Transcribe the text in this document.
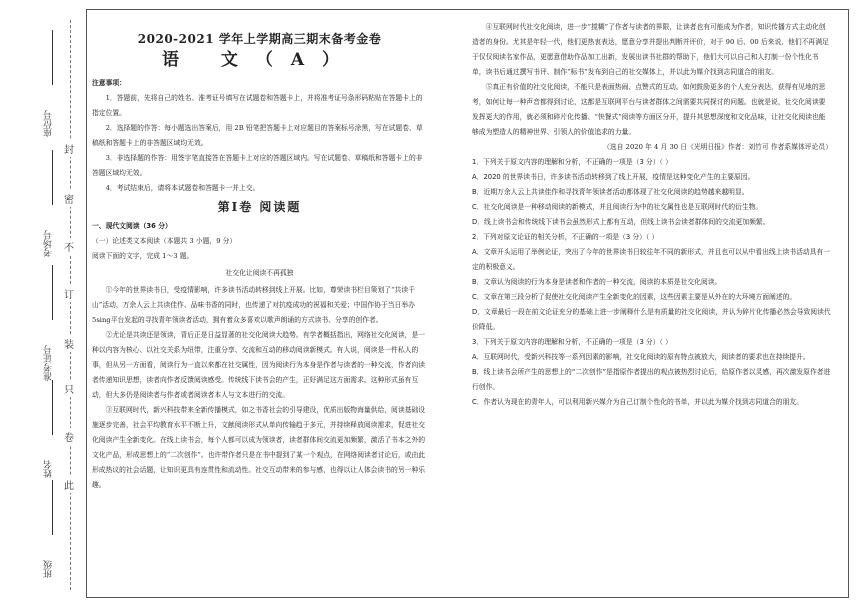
座位号
考场号
准考证号
姓名
班级
封
密
不
订
装
只
卷
此
2020-2021 学年上学期高三期末备考金卷
语 文（A）
注意事项：

1．答题前，先将自己的姓名、准考证号填写在试题卷和答题卡上，并将准考证号条形码粘贴在答题卡上的指定位置。

2．选择题的作答：每小题选出答案后，用 2B 铅笔把答题卡上对应题目的答案标号涂黑，写在试题卷、草稿纸和答题卡上的非答题区域均无效。

3．非选择题的作答：用签字笔直接答在答题卡上对应的答题区域内。写在试题卷、草稿纸和答题卡上的非答题区域均无效。

4．考试结束后，请将本试题卷和答题卡一并上交。

第Ⅰ卷 阅读题

一、现代文阅读（36 分）

（一）论述类文本阅读（本题共 3 小题，9 分）

阅读下面的文字，完成 1～3 题。

社交化让阅读不再孤独

①今年的世界读书日，受疫情影响，许多读书活动转移到线上开展。比如，尊荣读书栏目策划了“共读千山”活动，万余人云上共读佳作、品味书香的同时，也传递了对抗疫成功的祝福和关爱；中国作协于当日举办5sing平台发起的寻找青年领读者活动，拥有着众多喜欢以歌声朗诵的方式读书、分享的创作者。

②尤论是共读还是领读，背后正是日益显著的社交化阅读大趋势。有学者概括指出，网络社交化阅读，是一种以内容为核心、以社交关系为纽带，注重分享、交流和互动的移动阅读新模式。有人说，阅读是一件私人的事，但从另一方面看，阅读行为一直以来都在社交属性，因为阅读行为本身是作者与读者的一种交流，作者向读者传递知识思想，读者向作者反馈阅读感受。传统线下读书会的产生，正好满足这方面需求。这种形式虽有互动，但大多仍是阅读者与作者或者阅读者本人与文本进行的交流。

③互联网时代，新兴科技带来全新传播模式，如之书香社会的引导建设，优质出版物海量供给，阅读基础设施逐步完善，社会平均教育水平不断上升，文献阅读形式从单向传输趋于多元，并持续释放阅读需求，促进社交化阅读产生全新变化。在线上读书会，每个人都可以成为领读者，读者群体间交流更加频繁，激活了书本之外的文化产品，形成思想上的“二次创作”。也许带作者只是在书中提到了某一个观点，在网络阅读者讨论后，或由此形成热议的社会话题，让知识更具有连贯性和流动性。社交互动带来的参与感，也得以让人体会读书的另一种乐趣。

④互联网时代社交化阅读，进一步“搅糊”了作者与读者的界限，让读者也有可能成为作者，知识传播方式主动化创造者的身份。尤其是年轻一代，他们更热衷表达，愿意分享并提出判断并评价，对于 90 后、00 后来说，他们不再满足于仅仅阅读名家作品，更愿意借助作品加工出新，发展出读书社群的帮助下，他们大可以自己和人打制一份个性化书单，读书后通过撰写书评、制作“标书”发布到自己的社交媒体上，并以此为媒介找到志同道合的朋友。

⑤真正有价值的社交化阅读，不能只是表面热闹、点赞式的互动。如何鼓励更多的个人充分表达，获得有见地的思考，如何让每一种声音都得到讨论，这都是互联网平台与读者群体之间需要共同探讨的问题。也就是说，社交化阅读要发挥更大的作用，就必须和碎片化传播、“快餐式”阅读等方面区分开，提升其思想深度和文化品味，让社交化阅读也能够成为塑造人的精神世界、引领人的价值追求的力量。

（选自 2020 年 4 月 30 日《光明日报》作者：刘竹可 作者系媒体评论员）

1．下列关于原文内容的理解和分析，不正确的一项是（3 分）（ ）

A．2020 的世界读书日，许多读书活动转移到了线上开展，疫情是这种变化产生的主要原因。

B．近期万余人云上共读佳作和寻找青年领读者活动都体现了社交化阅读的趋势越来越明显。

C．社交化阅读是一种移动阅读的新模式，并且阅读行为中的社交属性也是互联网时代的衍生物。

D．线上读书会和传统线下读书会虽然形式上都有互动，但线上读书会读者群体间的交流更加频繁。

2．下列对原文论证的相关分析，不正确的一项是（3 分）（ ）

A．文章开头运用了举例论证，突出了今年的世界读书日较往年不同的新形式，并且也可以从中看出线上读书活动具有一定的积极意义。

B．文章认为阅读的行为本身是读者和作者的一种交流，阅读的本质是社交化阅读。

C．文章在第三段分析了促使社交化阅读产生全新变化的因素，这些因素主要是从外在的大环境方面阐述的。

D．文章最后一段在前文论证充分的基础上进一步阐释什么是有质量的社交化阅读，并认为碎片化传播必然会导致阅读代价降低。

3．下列关于原文内容的理解和分析，不正确的一项是（3 分）（ ）

A．互联网时代，受新兴科技等一系列因素的影响，社交化阅读的原有特点被放大，阅读者的要求也在持续提升。

B．线上读书会所产生的思想上的“二次创作”是指原作者提出的观点被热烈讨论后，给原作者以灵感，再次激发原作者进行创作。

C．作者认为现在的青年人，可以利用新兴媒介为自己订制个性化的书单，并以此为媒介找到志同道合的朋友。
